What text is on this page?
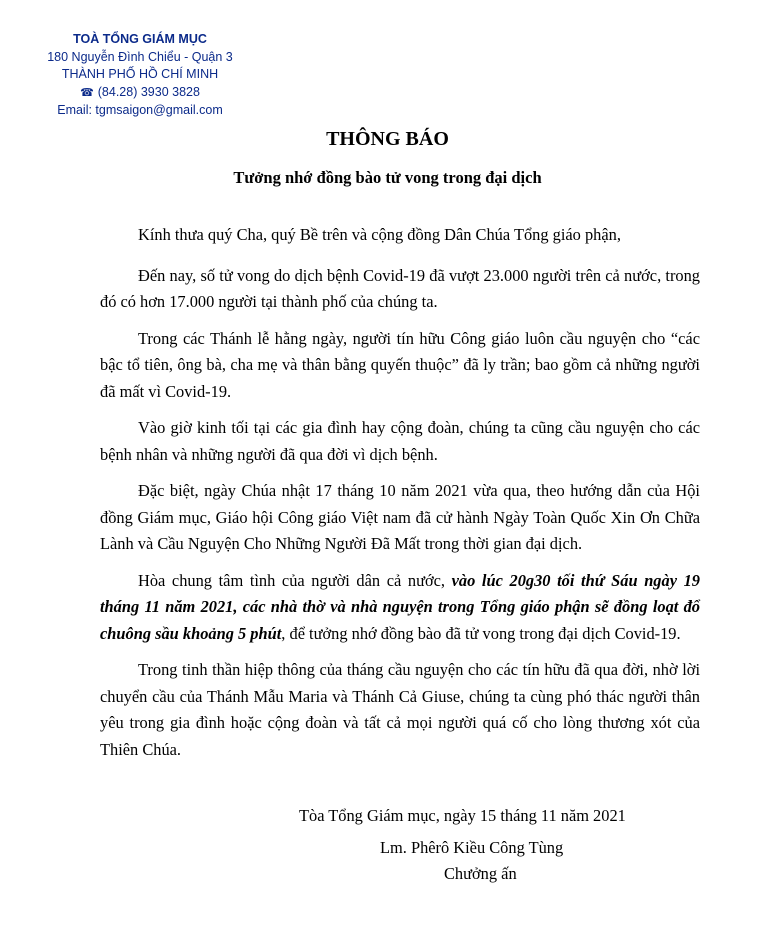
TOÀ TỔNG GIÁM MỤC
180 Nguyễn Đình Chiểu - Quận 3
THÀNH PHỐ HỒ CHÍ MINH
☎ (84.28) 3930 3828
Email: tgmsaigon@gmail.com
THÔNG BÁO
Tưởng nhớ đồng bào tử vong trong đại dịch

Kính thưa quý Cha, quý Bề trên và cộng đồng Dân Chúa Tổng giáo phận,

Đến nay, số tử vong do dịch bệnh Covid-19 đã vượt 23.000 người trên cả nước, trong đó có hơn 17.000 người tại thành phố của chúng ta.

Trong các Thánh lễ hằng ngày, người tín hữu Công giáo luôn cầu nguyện cho “các bậc tổ tiên, ông bà, cha mẹ và thân bằng quyến thuộc” đã ly trần; bao gồm cả những người đã mất vì Covid-19.

Vào giờ kinh tối tại các gia đình hay cộng đoàn, chúng ta cũng cầu nguyện cho các bệnh nhân và những người đã qua đời vì dịch bệnh.

Đặc biệt, ngày Chúa nhật 17 tháng 10 năm 2021 vừa qua, theo hướng dẫn của Hội đồng Giám mục, Giáo hội Công giáo Việt nam đã cử hành Ngày Toàn Quốc Xin Ơn Chữa Lành và Cầu Nguyện Cho Những Người Đã Mất trong thời gian đại dịch.

Hòa chung tâm tình của người dân cả nước, vào lúc 20g30 tối thứ Sáu ngày 19 tháng 11 năm 2021, các nhà thờ và nhà nguyện trong Tổng giáo phận sẽ đồng loạt đổ chuông sầu khoảng 5 phút, để tưởng nhớ đồng bào đã tử vong trong đại dịch Covid-19.

Trong tinh thần hiệp thông của tháng cầu nguyện cho các tín hữu đã qua đời, nhờ lời chuyển cầu của Thánh Mẫu Maria và Thánh Cả Giuse, chúng ta cùng phó thác người thân yêu trong gia đình hoặc cộng đoàn và tất cả mọi người quá cố cho lòng thương xót của Thiên Chúa.

Tòa Tổng Giám mục, ngày 15 tháng 11 năm 2021
Lm. Phêrô Kiều Công Tùng
Chưởng ấn
